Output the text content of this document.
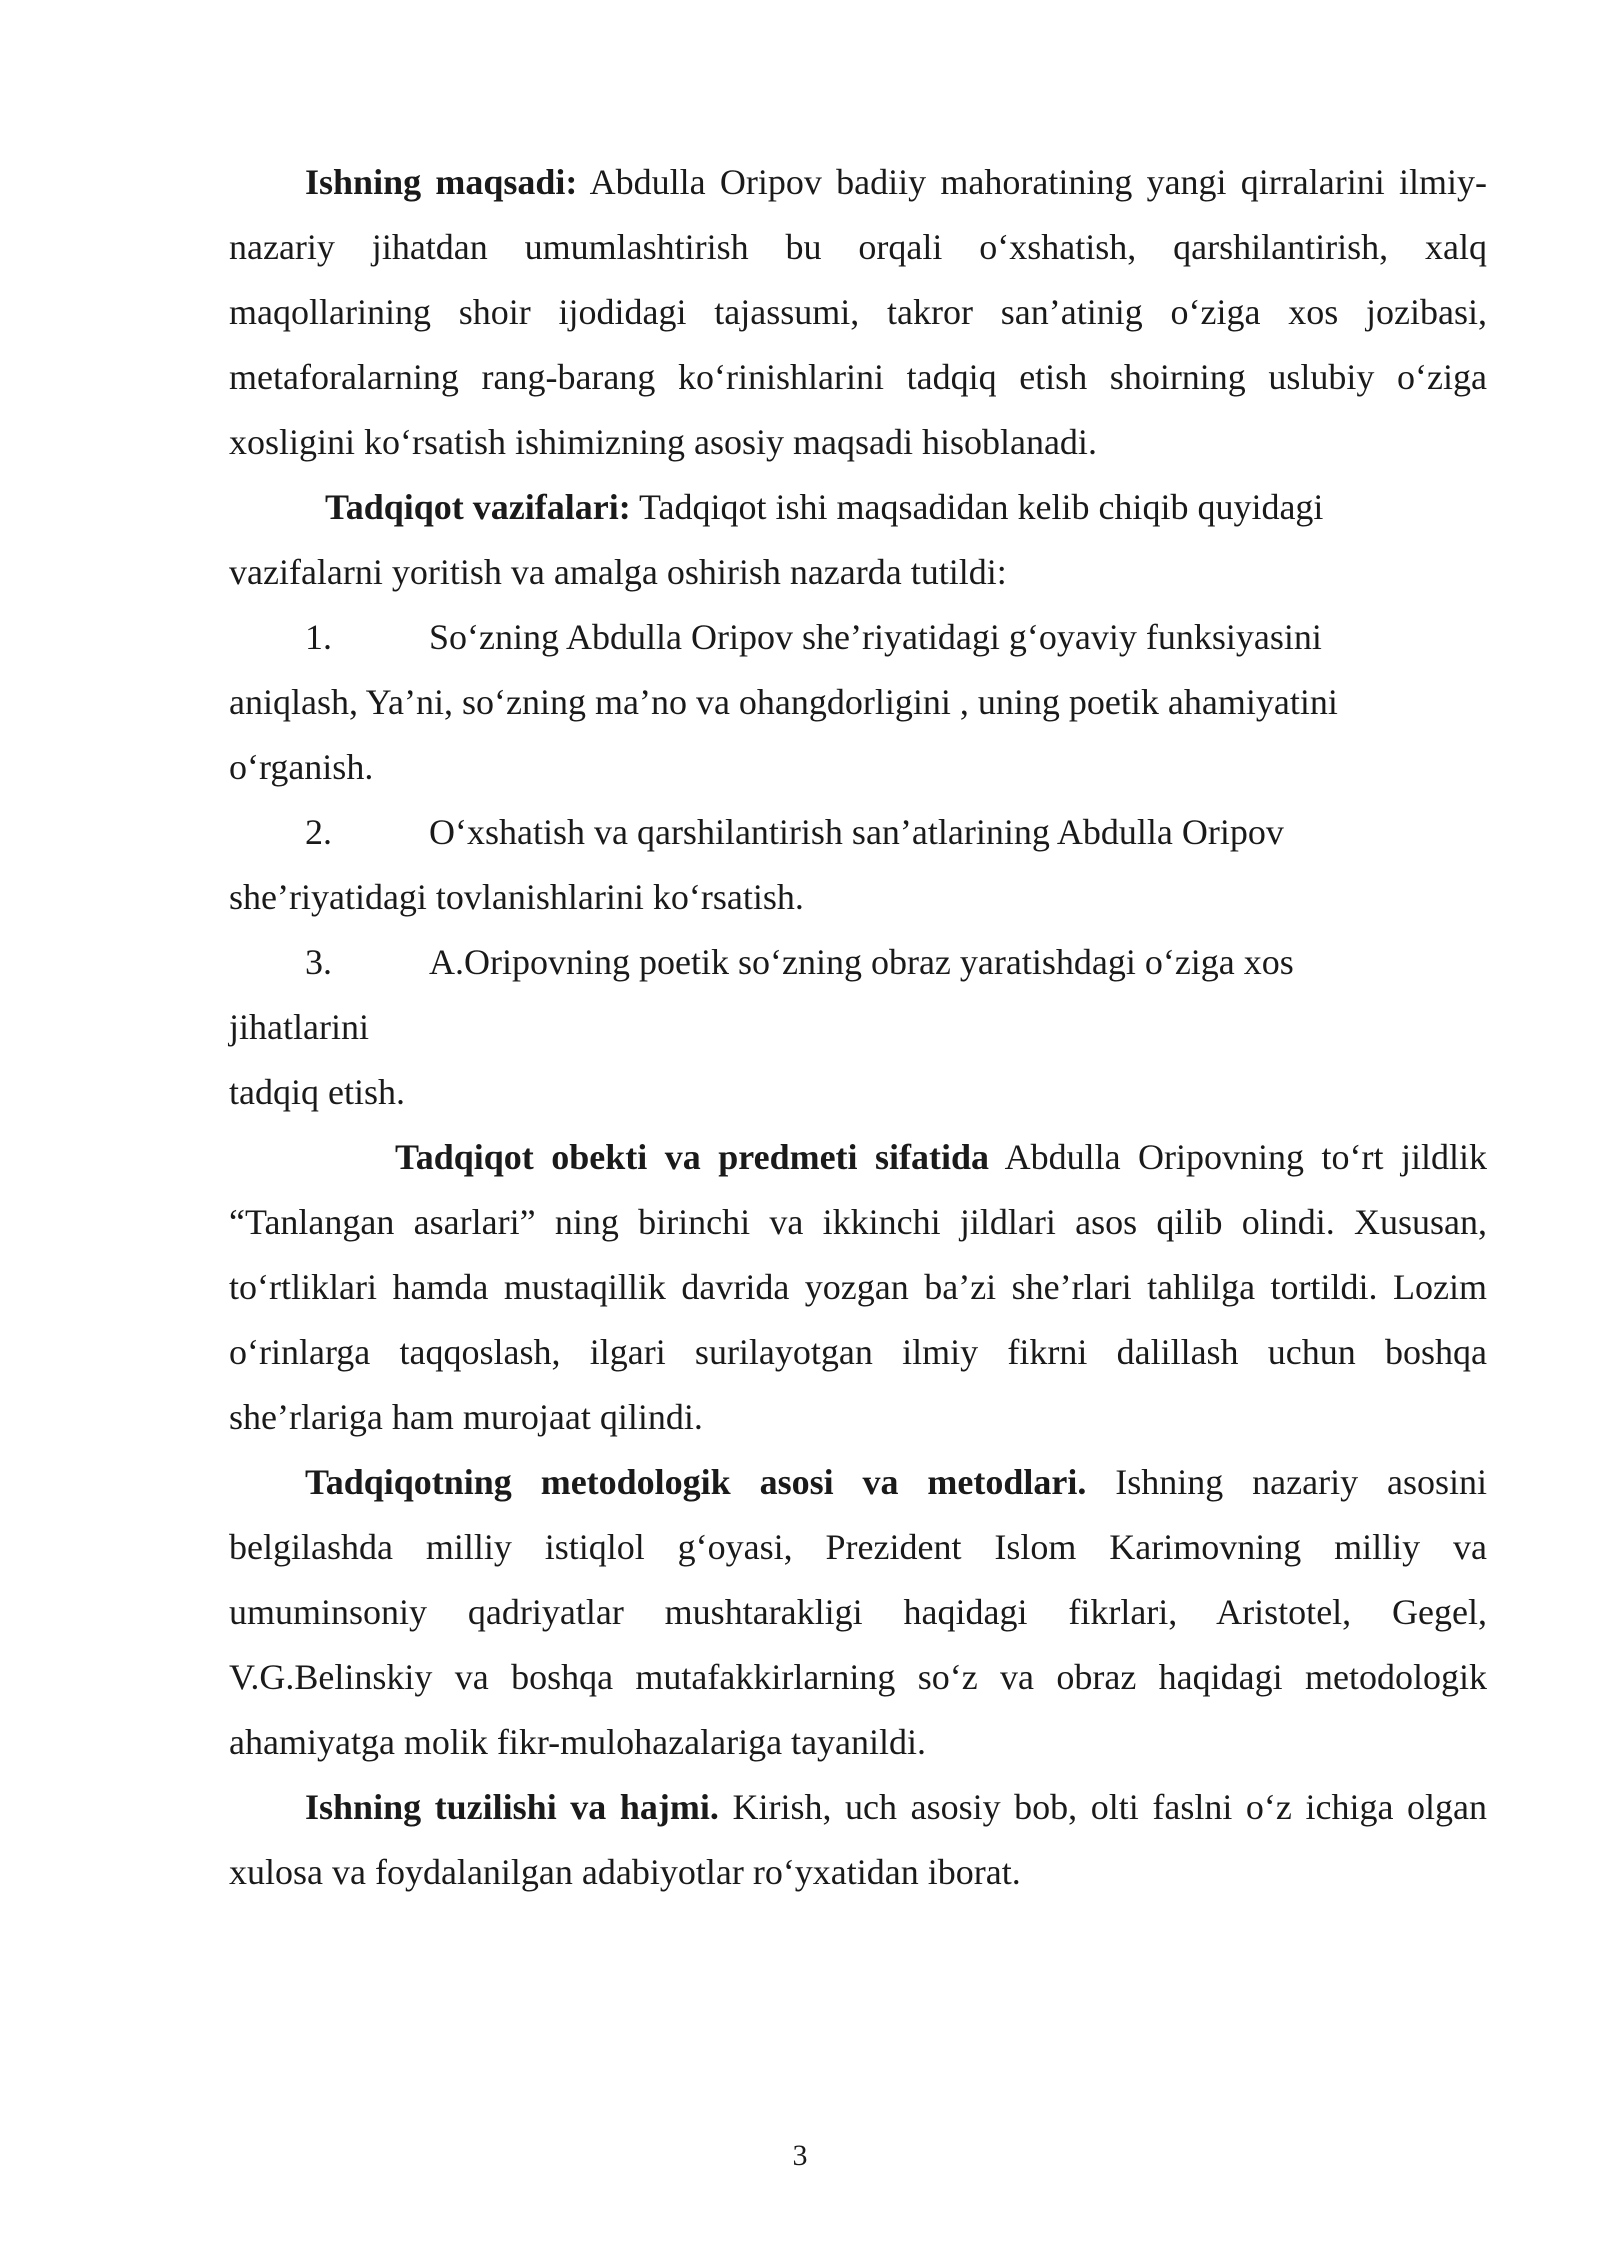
Ishning maqsadi: Abdulla Oripov badiiy mahoratining yangi qirralarini ilmiy-nazariy jihatdan umumlashtirish bu orqali o‘xshatish, qarshilantirish, xalq maqollarining shoir ijodidagi tajassumi, takror san’atinig o‘ziga xos jozibasi, metaforalarning rang-barang ko‘rinishlarini tadqiq etish shoirning uslubiy o‘ziga xosligini ko‘rsatish ishimizning asosiy maqsadi hisoblanadi.

Tadqiqot vazifalari: Tadqiqot ishi maqsadidan kelib chiqib quyidagi
vazifalarni yoritish va amalga oshirish nazarda tutildi:

1.	So‘zning Abdulla Oripov she’riyatidagi g‘oyaviy funksiyasini
aniqlash, Ya’ni, so‘zning ma’no va ohangdorligini , uning poetik ahamiyatini
o‘rganish.
2.	O‘xshatish va qarshilantirish san’atlarining Abdulla Oripov
she’riyatidagi tovlanishlarini ko‘rsatish.
3.	A.Oripovning poetik so‘zning obraz yaratishdagi o‘ziga xos
jihatlarini
tadqiq etish.

Tadqiqot obekti va predmeti sifatida Abdulla Oripovning to‘rt jildlik “Tanlangan asarlari” ning birinchi va ikkinchi jildlari asos qilib olindi. Xususan, to‘rtliklari hamda mustaqillik davrida yozgan ba’zi she’rlari tahlilga tortildi. Lozim o‘rinlarga taqqoslash, ilgari surilayotgan ilmiy fikrni dalillash uchun boshqa she’rlariga ham murojaat qilindi.

Tadqiqotning metodologik asosi va metodlari. Ishning nazariy asosini belgilashda milliy istiqlol g‘oyasi, Prezident Islom Karimovning milliy va umuminsoniy qadriyatlar mushtarakligi haqidagi fikrlari, Aristotel, Gegel, V.G.Belinskiy va boshqa mutafakkirlarning so‘z va obraz haqidagi metodologik ahamiyatga molik fikr-mulohazalariga tayanildi.

Ishning tuzilishi va hajmi. Kirish, uch asosiy bob, olti faslni o‘z ichiga olgan xulosa va foydalanilgan adabiyotlar ro‘yxatidan iborat.

3
